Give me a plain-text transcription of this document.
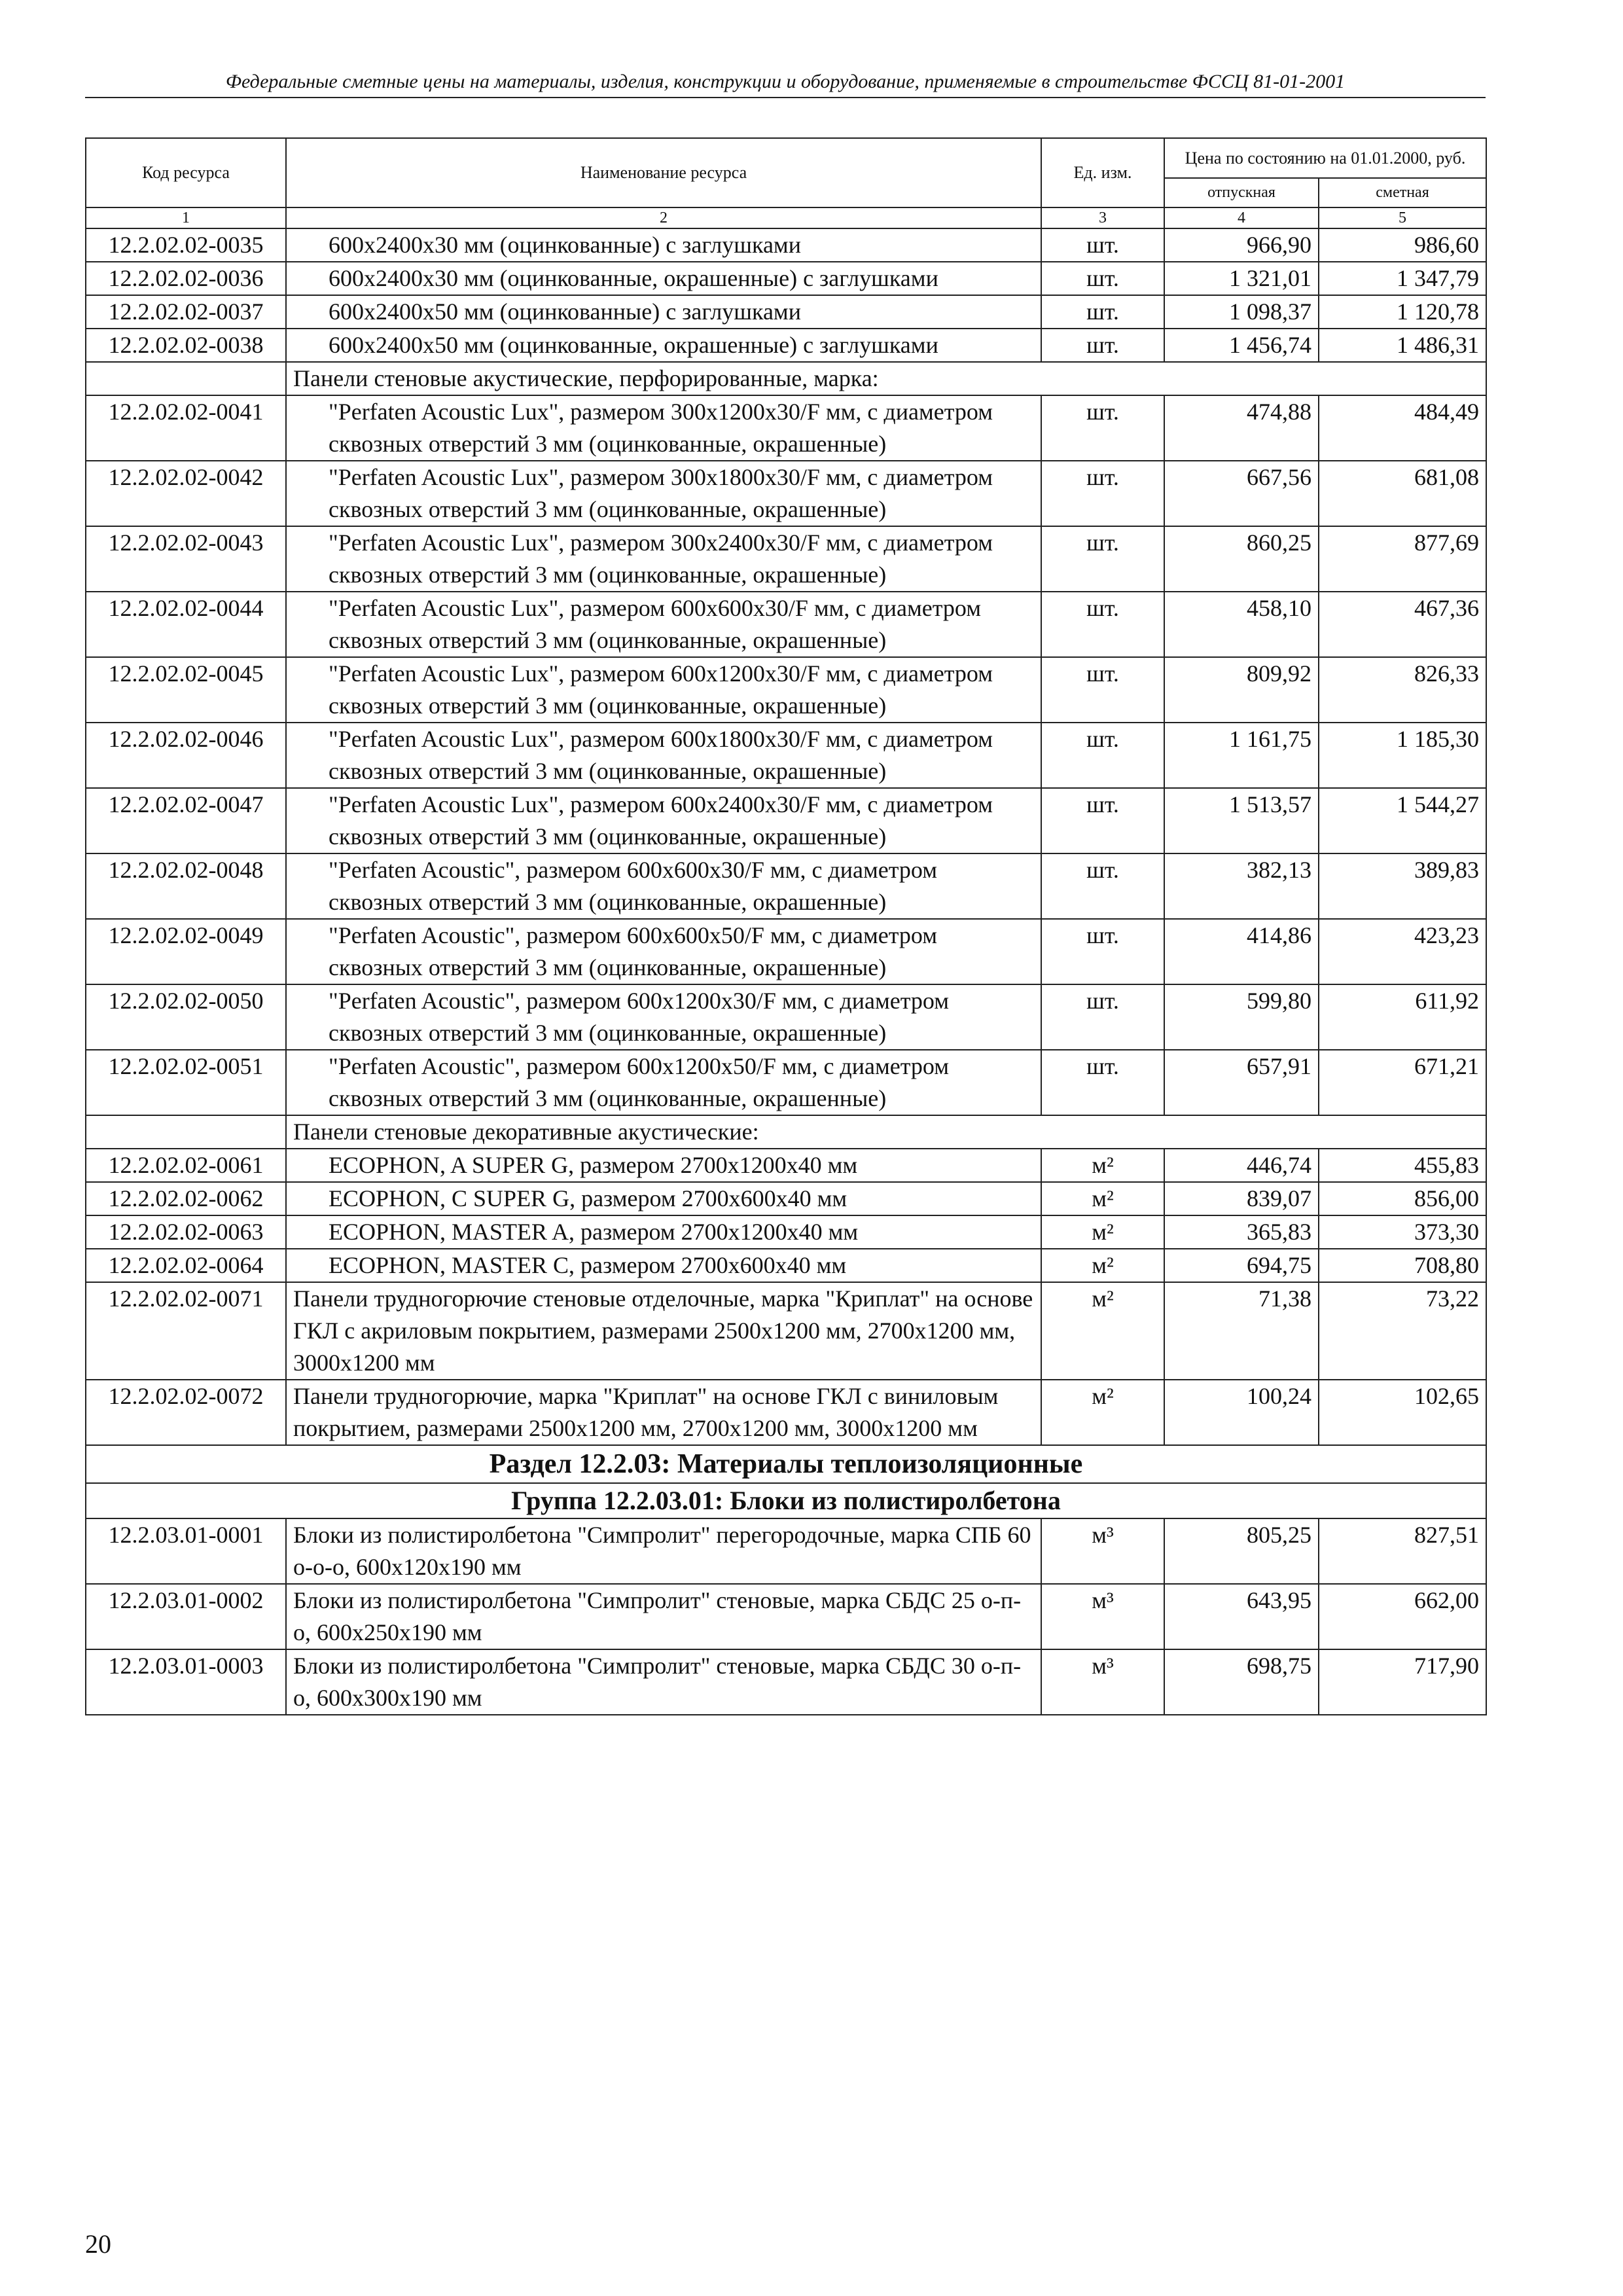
Федеральные сметные цены на материалы, изделия, конструкции и оборудование, применяемые в строительстве ФССЦ 81-01-2001
Код ресурса	Наименование ресурса	Ед. изм.	Цена по состоянию на 01.01.2000, руб.	
			отпускная	сметная
1	2	3	4	5
12.2.02.02-0035	600x2400x30 мм (оцинкованные) с заглушками	шт.	966,90	986,60
12.2.02.02-0036	600x2400x30 мм (оцинкованные, окрашенные) с заглушками	шт.	1 321,01	1 347,79
12.2.02.02-0037	600x2400x50 мм (оцинкованные) с заглушками	шт.	1 098,37	1 120,78
12.2.02.02-0038	600x2400x50 мм (оцинкованные, окрашенные) с заглушками	шт.	1 456,74	1 486,31
	Панели стеновые акустические, перфорированные, марка:			
12.2.02.02-0041	"Perfaten Acoustic Lux", размером 300x1200x30/F мм, с диаметром сквозных отверстий 3 мм (оцинкованные, окрашенные)	шт.	474,88	484,49
12.2.02.02-0042	"Perfaten Acoustic Lux", размером 300x1800x30/F мм, с диаметром сквозных отверстий 3 мм (оцинкованные, окрашенные)	шт.	667,56	681,08
12.2.02.02-0043	"Perfaten Acoustic Lux", размером 300x2400x30/F мм, с диаметром сквозных отверстий 3 мм (оцинкованные, окрашенные)	шт.	860,25	877,69
12.2.02.02-0044	"Perfaten Acoustic Lux", размером 600x600x30/F мм, с диаметром сквозных отверстий 3 мм (оцинкованные, окрашенные)	шт.	458,10	467,36
12.2.02.02-0045	"Perfaten Acoustic Lux", размером 600x1200x30/F мм, с диаметром сквозных отверстий 3 мм (оцинкованные, окрашенные)	шт.	809,92	826,33
12.2.02.02-0046	"Perfaten Acoustic Lux", размером 600x1800x30/F мм, с диаметром сквозных отверстий 3 мм (оцинкованные, окрашенные)	шт.	1 161,75	1 185,30
12.2.02.02-0047	"Perfaten Acoustic Lux", размером 600x2400x30/F мм, с диаметром сквозных отверстий 3 мм (оцинкованные, окрашенные)	шт.	1 513,57	1 544,27
12.2.02.02-0048	"Perfaten Acoustic", размером 600x600x30/F мм, с диаметром сквозных отверстий 3 мм (оцинкованные, окрашенные)	шт.	382,13	389,83
12.2.02.02-0049	"Perfaten Acoustic", размером 600x600x50/F мм, с диаметром сквозных отверстий 3 мм (оцинкованные, окрашенные)	шт.	414,86	423,23
12.2.02.02-0050	"Perfaten Acoustic", размером 600x1200x30/F мм, с диаметром сквозных отверстий 3 мм (оцинкованные, окрашенные)	шт.	599,80	611,92
12.2.02.02-0051	"Perfaten Acoustic", размером 600x1200x50/F мм, с диаметром сквозных отверстий 3 мм (оцинкованные, окрашенные)	шт.	657,91	671,21
	Панели стеновые декоративные акустические:			
12.2.02.02-0061	ECOPHON, A SUPER G, размером 2700x1200x40 мм	м²	446,74	455,83
12.2.02.02-0062	ECOPHON, C SUPER G, размером 2700x600x40 мм	м²	839,07	856,00
12.2.02.02-0063	ECOPHON, MASTER A, размером 2700x1200x40 мм	м²	365,83	373,30
12.2.02.02-0064	ECOPHON, MASTER C, размером 2700x600x40 мм	м²	694,75	708,80
12.2.02.02-0071	Панели трудногорючие стеновые отделочные, марка "Криплат" на основе ГКЛ с акриловым покрытием, размерами 2500x1200 мм, 2700x1200 мм, 3000x1200 мм	м²	71,38	73,22
12.2.02.02-0072	Панели трудногорючие, марка "Криплат" на основе ГКЛ с виниловым покрытием, размерами 2500x1200 мм, 2700x1200 мм, 3000x1200 мм	м²	100,24	102,65
Раздел 12.2.03: Материалы теплоизоляционные				
Группа 12.2.03.01: Блоки из полистиролбетона				
12.2.03.01-0001	Блоки из полистиролбетона "Симпролит" перегородочные, марка СПБ 60 о-о-о, 600x120x190 мм	м³	805,25	827,51
12.2.03.01-0002	Блоки из полистиролбетона "Симпролит" стеновые, марка СБДС 25 о-п-о, 600x250x190 мм	м³	643,95	662,00
12.2.03.01-0003	Блоки из полистиролбетона "Симпролит" стеновые, марка СБДС 30 о-п-о, 600x300x190 мм	м³	698,75	717,90
20
